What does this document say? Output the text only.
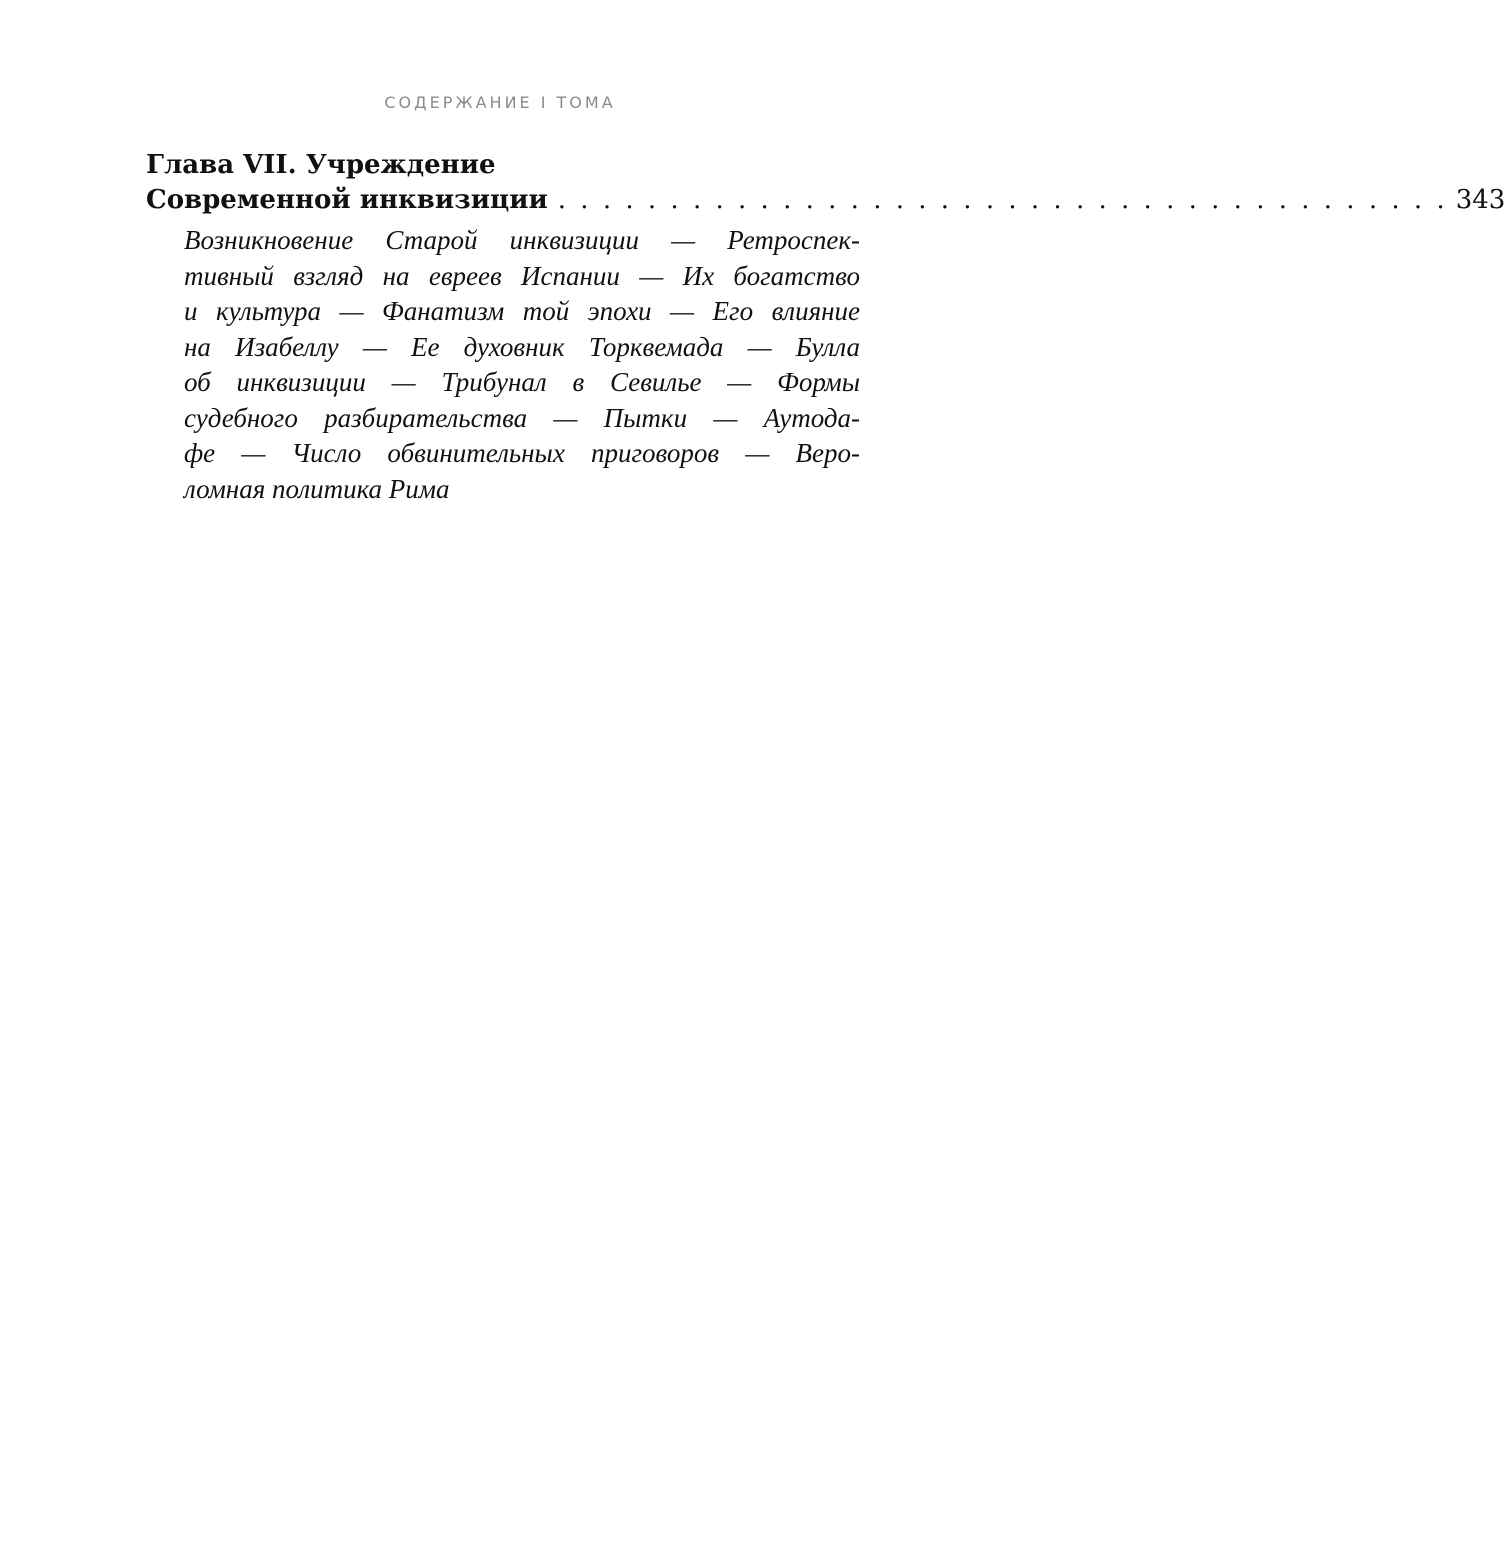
СОДЕРЖАНИЕ I ТОМА
Глава VII. Учреждение
Современной инквизиции . . . . . . . . . . . . . . . . . . . . . . . . . . . . . . . . . . . . . . . . 343
Возникновение Старой инквизиции — Ретроспек-
тивный взгляд на евреев Испании — Их богатство
и культура — Фанатизм той эпохи — Его влияние
на Изабеллу — Ее духовник Торквемада — Булла
об инквизиции — Трибунал в Севилье — Формы
судебного разбирательства — Пытки — Аутода-
фе — Число обвинительных приговоров — Веро-
ломная политика Рима
